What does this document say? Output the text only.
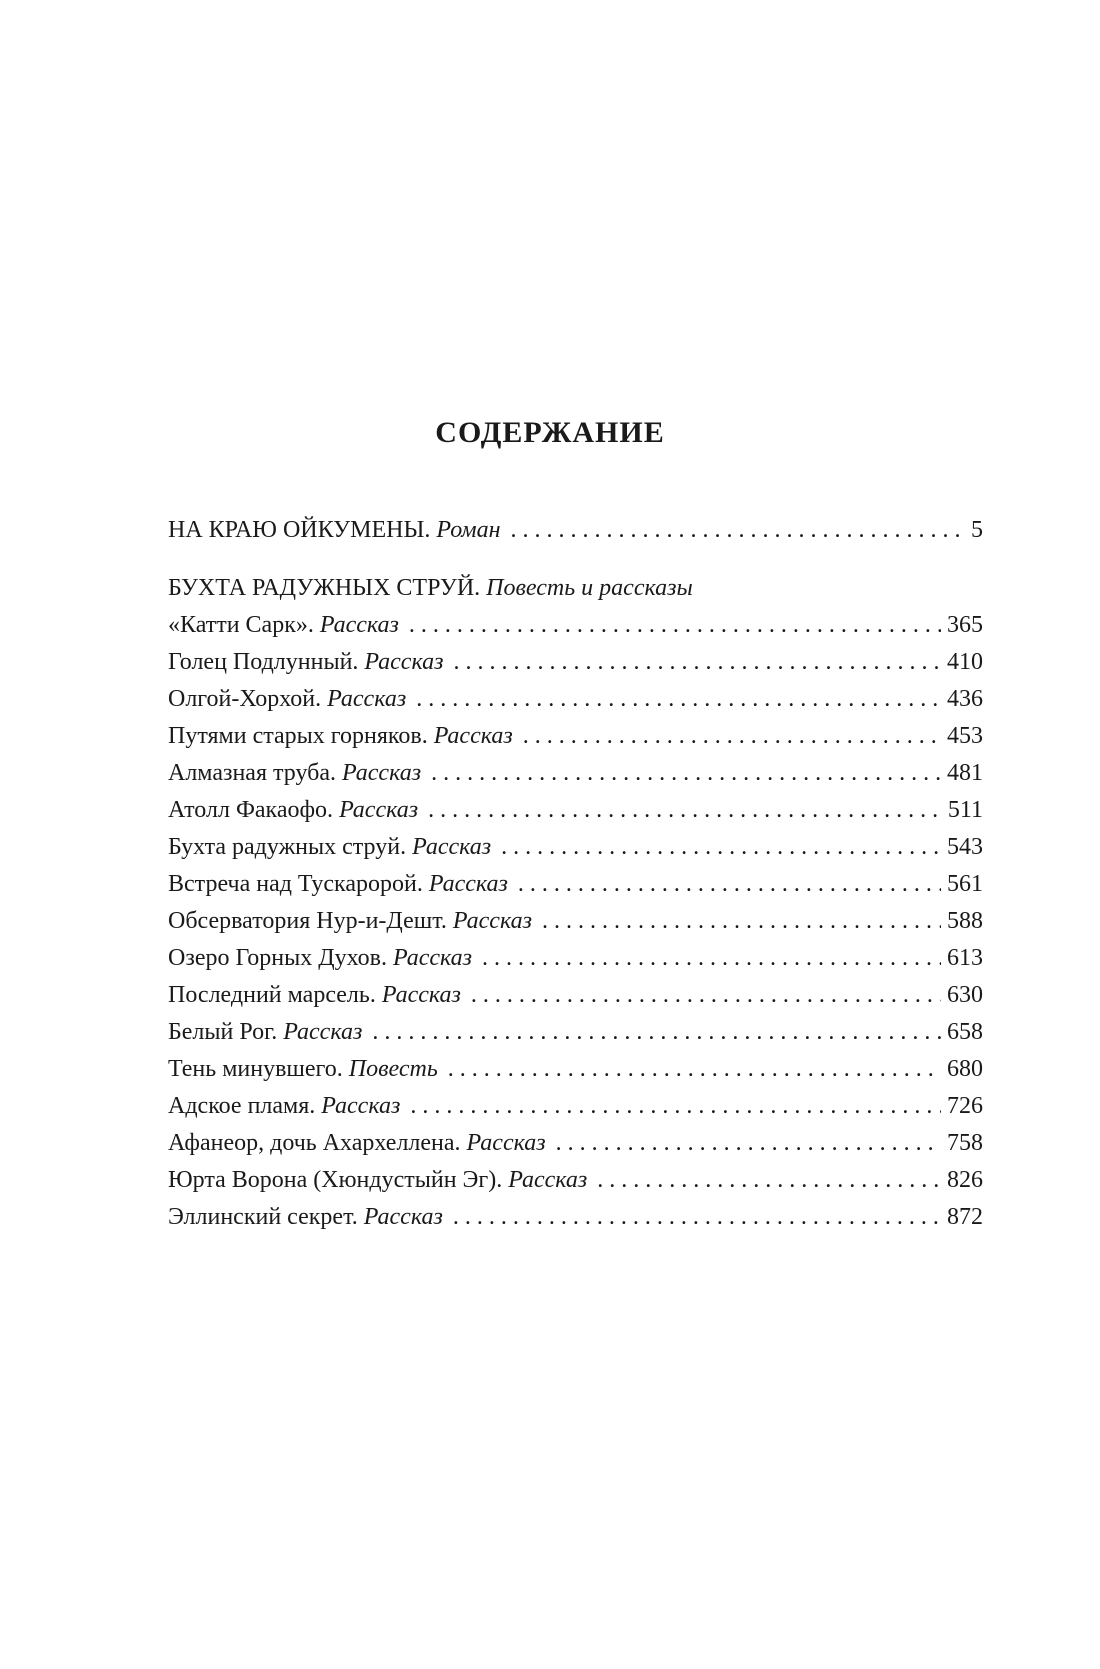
СОДЕРЖАНИЕ
НА КРАЮ ОЙКУМЕНЫ. Роман . . .	5
БУХТА РАДУЖНЫХ СТРУЙ. Повесть и рассказы
«Катти Сарк». Рассказ . . .	365
Голец Подлунный. Рассказ . . .	410
Олгой-Хорхой. Рассказ . . .	436
Путями старых горняков. Рассказ . . .	453
Алмазная труба. Рассказ . . .	481
Атолл Факаофо. Рассказ . . .	511
Бухта радужных струй. Рассказ . . .	543
Встреча над Тускаророй. Рассказ . . .	561
Обсерватория Нур-и-Дешт. Рассказ . . .	588
Озеро Горных Духов. Рассказ . . .	613
Последний марсель. Рассказ . . .	630
Белый Рог. Рассказ . . .	658
Тень минувшего. Повесть . . .	680
Адское пламя. Рассказ . . .	726
Афанеор, дочь Ахархеллена. Рассказ . . .	758
Юрта Ворона (Хюндустыйн Эг). Рассказ . . .	826
Эллинский секрет. Рассказ . . .	872
